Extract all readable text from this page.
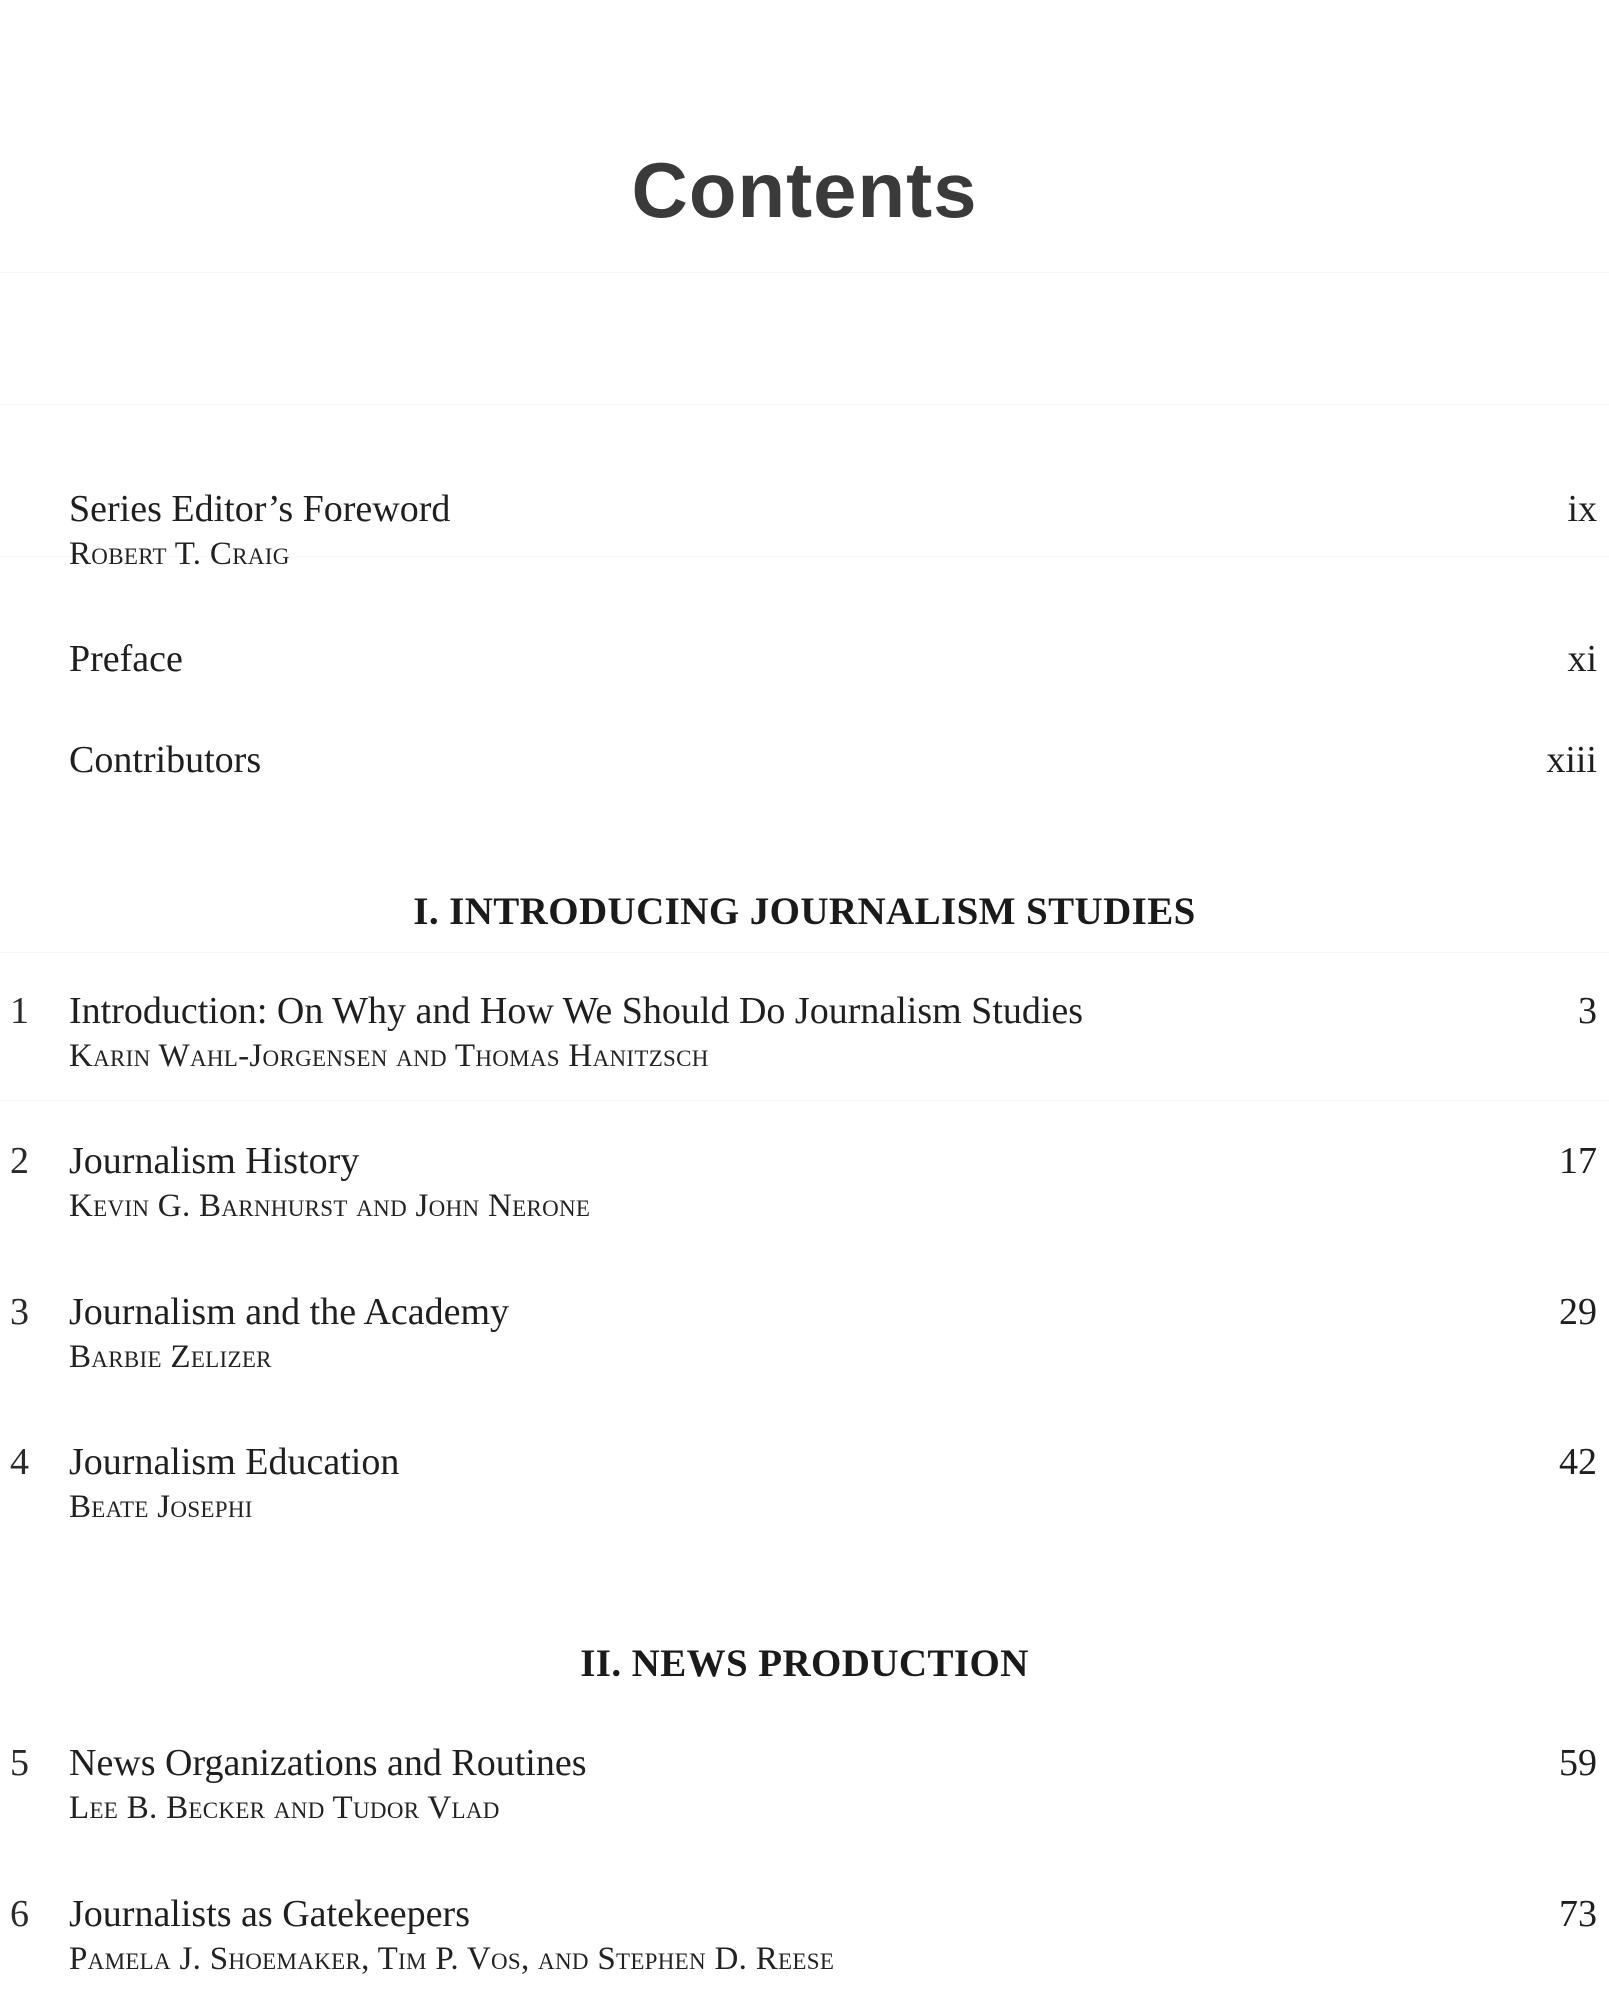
Contents
Series Editor’s Foreword
Robert T. Craig
ix
Preface	xi
Contributors	xiii
I. INTRODUCING JOURNALISM STUDIES
1 Introduction: On Why and How We Should Do Journalism Studies
Karin Wahl-Jorgensen and Thomas Hanitzsch
3
2 Journalism History
Kevin G. Barnhurst and John Nerone
17
3 Journalism and the Academy
Barbie Zelizer
29
4 Journalism Education
Beate Josephi
42
II. NEWS PRODUCTION
5 News Organizations and Routines
Lee B. Becker and Tudor Vlad
59
6 Journalists as Gatekeepers
Pamela J. Shoemaker, Tim P. Vos, and Stephen D. Reese
73
